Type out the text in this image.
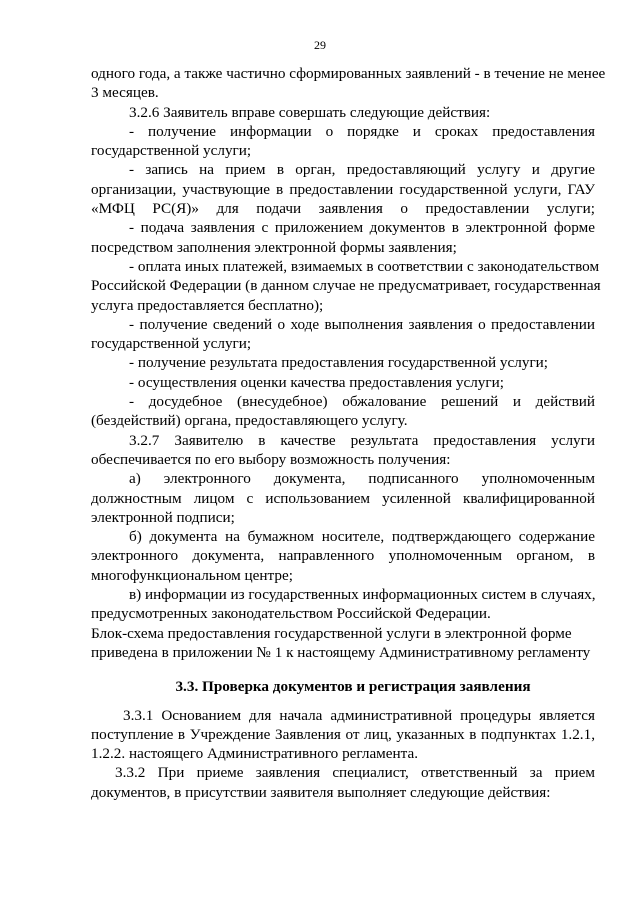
29
одного года, а также частично сформированных заявлений - в течение не менее
3 месяцев.
3.2.6 Заявитель вправе совершать следующие действия:
- получение информации о порядке и сроках предоставления
государственной услуги;
- запись на прием в орган, предоставляющий услугу и другие
организации, участвующие в предоставлении государственной услуги, ГАУ
«МФЦ РС(Я)» для подачи заявления о предоставлении услуги;
- подача заявления с приложением документов в электронной форме
посредством заполнения электронной формы заявления;
- оплата иных платежей, взимаемых в соответствии с законодательством
Российской Федерации (в данном случае не предусматривает, государственная
услуга предоставляется бесплатно);
- получение сведений о ходе выполнения заявления о предоставлении
государственной услуги;
- получение результата предоставления государственной услуги;
- осуществления оценки качества предоставления услуги;
- досудебное (внесудебное) обжалование решений и действий
(бездействий) органа, предоставляющего услугу.
3.2.7 Заявителю в качестве результата предоставления услуги
обеспечивается по его выбору возможность получения:
а) электронного документа, подписанного уполномоченным
должностным лицом с использованием усиленной квалифицированной
электронной подписи;
б) документа на бумажном носителе, подтверждающего содержание
электронного документа, направленного уполномоченным органом, в
многофункциональном центре;
в) информации из государственных информационных систем в случаях,
предусмотренных законодательством Российской Федерации.
Блок-схема предоставления государственной услуги в электронной форме
приведена в приложении № 1 к настоящему Административному регламенту
3.3. Проверка документов и регистрация заявления
3.3.1 Основанием для начала административной процедуры является
поступление в Учреждение Заявления от лиц, указанных в подпунктах 1.2.1,
1.2.2. настоящего Административного регламента.
3.3.2 При приеме заявления специалист, ответственный за прием
документов, в присутствии заявителя выполняет следующие действия:
